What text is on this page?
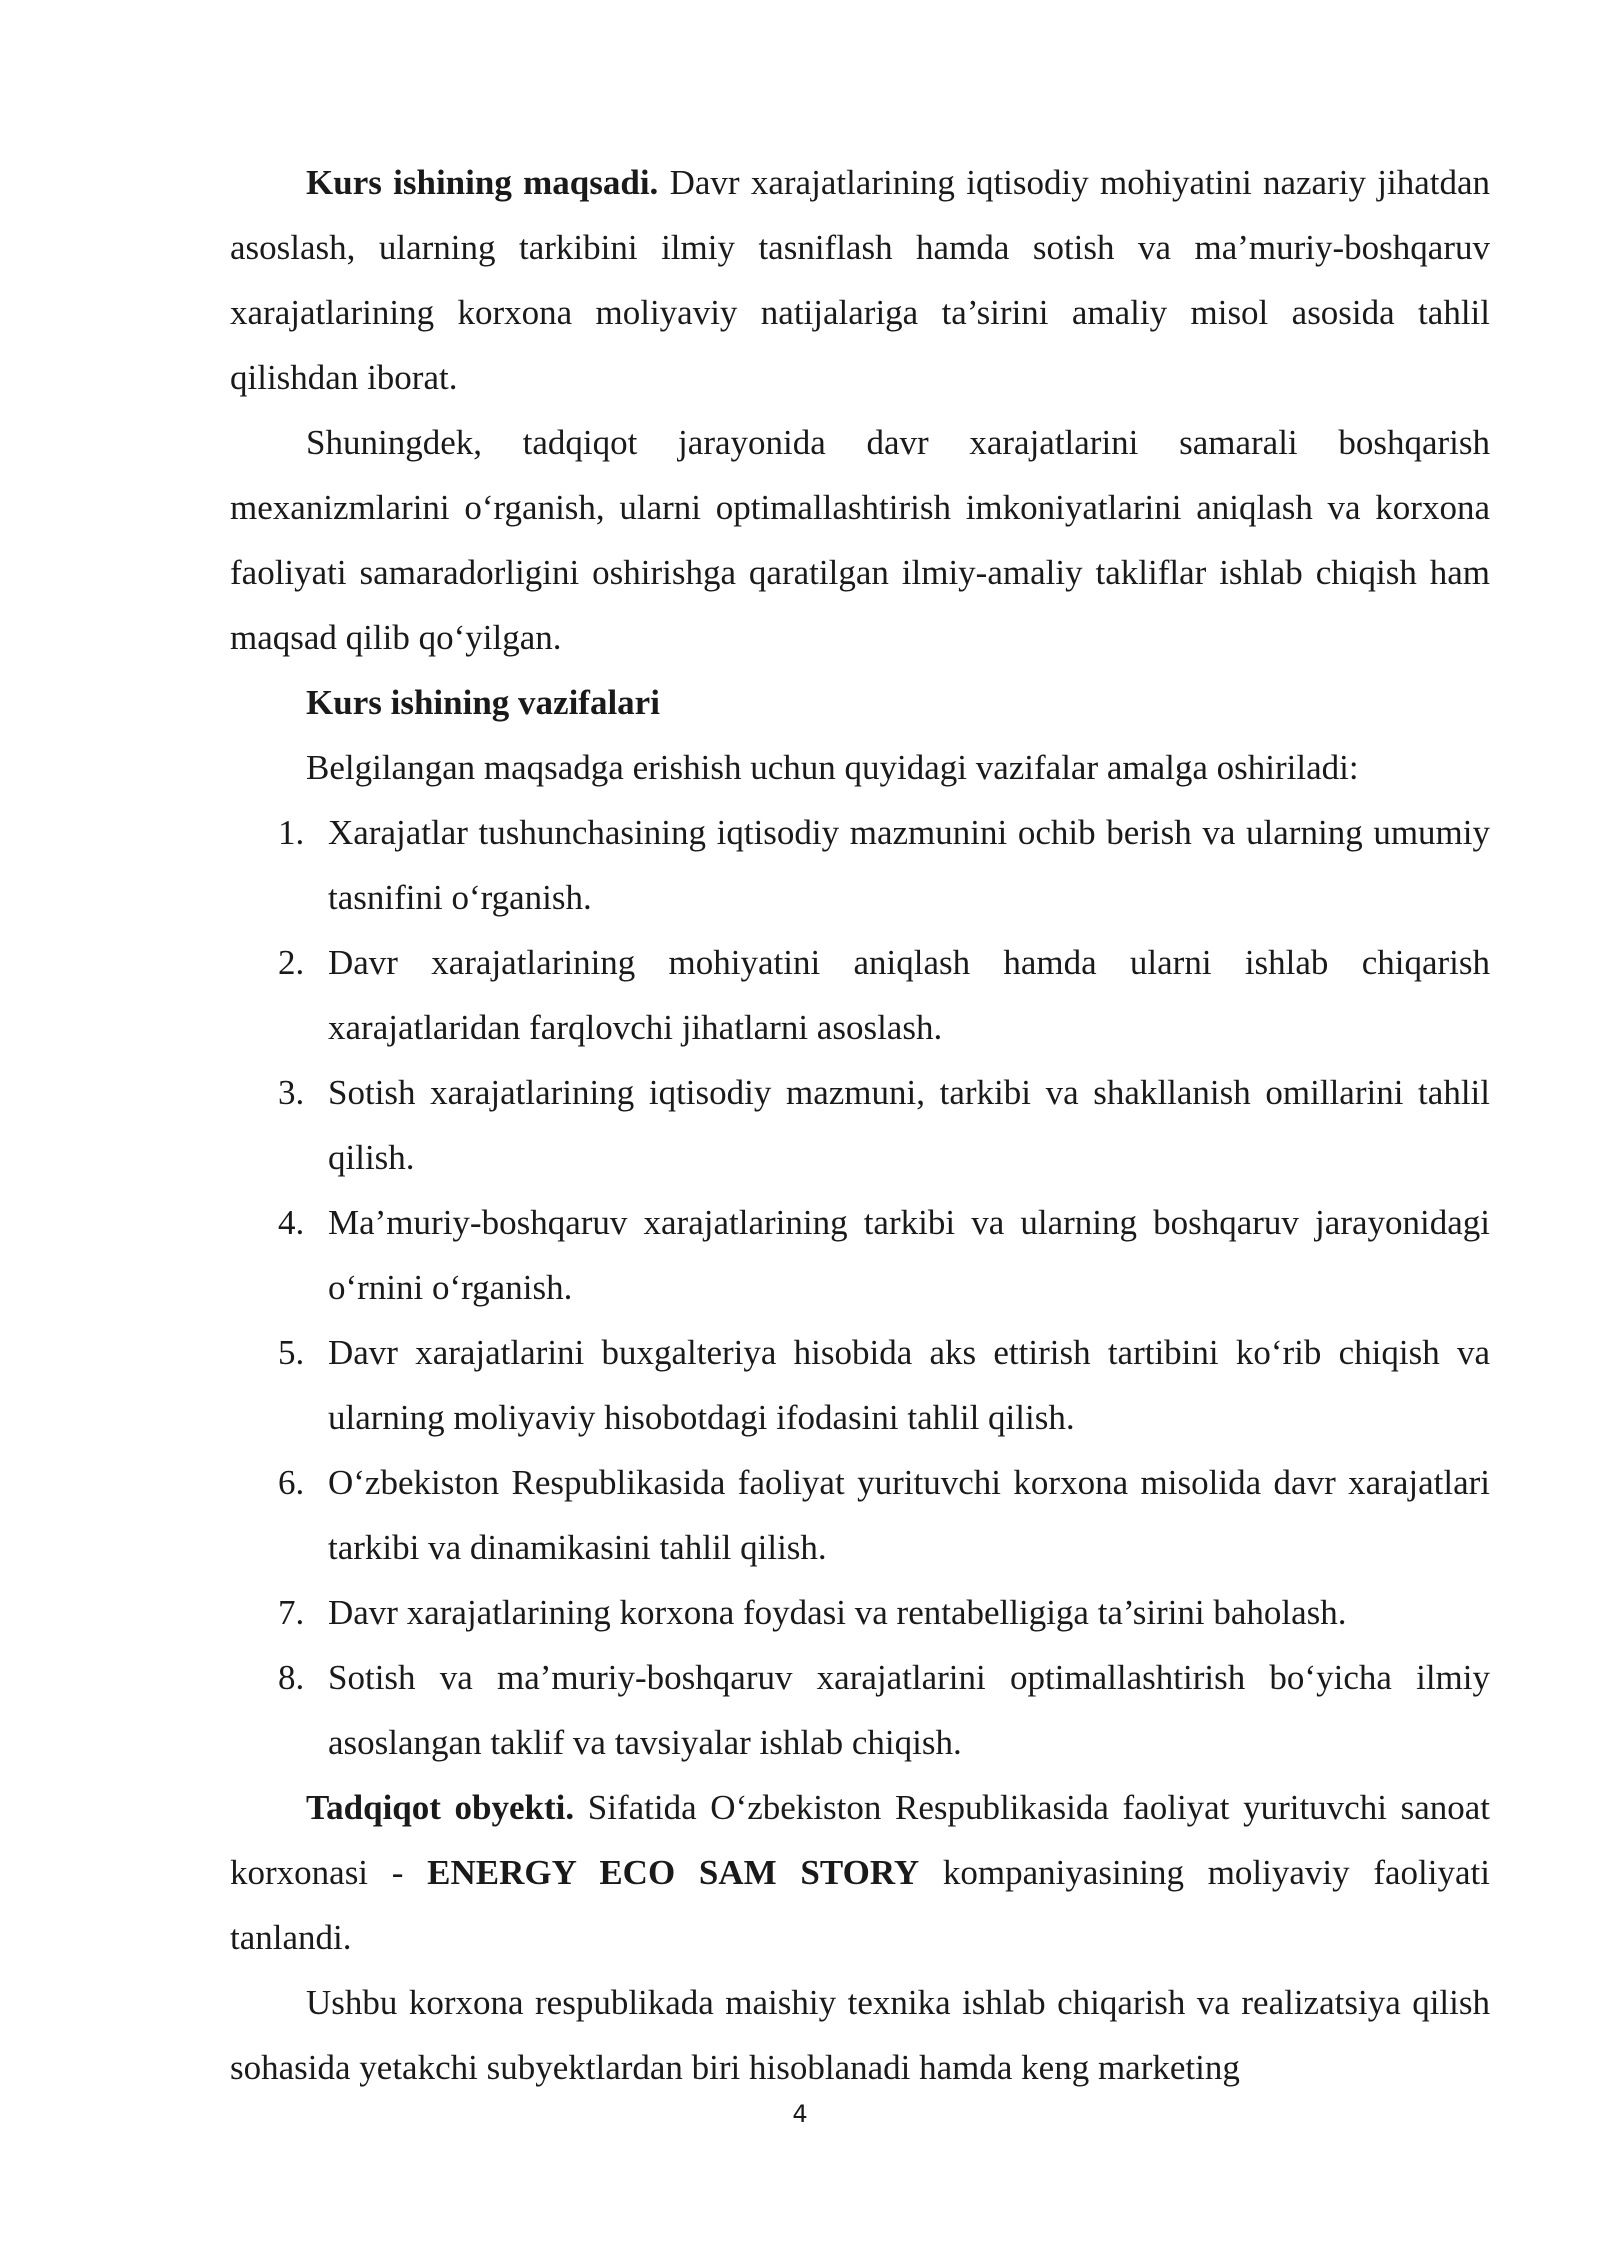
Kurs ishining maqsadi. Davr xarajatlarining iqtisodiy mohiyatini nazariy jihatdan asoslash, ularning tarkibini ilmiy tasniflash hamda sotish va ma’muriy-boshqaruv xarajatlarining korxona moliyaviy natijalariga ta’sirini amaliy misol asosida tahlil qilishdan iborat.

Shuningdek, tadqiqot jarayonida davr xarajatlarini samarali boshqarish mexanizmlarini o‘rganish, ularni optimallashtirish imkoniyatlarini aniqlash va korxona faoliyati samaradorligini oshirishga qaratilgan ilmiy-amaliy takliflar ishlab chiqish ham maqsad qilib qo‘yilgan.

Kurs ishining vazifalari

Belgilangan maqsadga erishish uchun quyidagi vazifalar amalga oshiriladi:

1. Xarajatlar tushunchasining iqtisodiy mazmunini ochib berish va ularning umumiy tasnifini o‘rganish.
2. Davr xarajatlarining mohiyatini aniqlash hamda ularni ishlab chiqarish xarajatlaridan farqlovchi jihatlarni asoslash.
3. Sotish xarajatlarining iqtisodiy mazmuni, tarkibi va shakllanish omillarini tahlil qilish.
4. Ma’muriy-boshqaruv xarajatlarining tarkibi va ularning boshqaruv jarayonidagi o‘rnini o‘rganish.
5. Davr xarajatlarini buxgalteriya hisobida aks ettirish tartibini ko‘rib chiqish va ularning moliyaviy hisobotdagi ifodasini tahlil qilish.
6. O‘zbekiston Respublikasida faoliyat yurituvchi korxona misolida davr xarajatlari tarkibi va dinamikasini tahlil qilish.
7. Davr xarajatlarining korxona foydasi va rentabelligiga ta’sirini baholash.
8. Sotish va ma’muriy-boshqaruv xarajatlarini optimallashtirish bo‘yicha ilmiy asoslangan taklif va tavsiyalar ishlab chiqish.

Tadqiqot obyekti. Sifatida O‘zbekiston Respublikasida faoliyat yurituvchi sanoat korxonasi - ENERGY ECO SAM STORY kompaniyasining moliyaviy faoliyati tanlandi.

Ushbu korxona respublikada maishiy texnika ishlab chiqarish va realizatsiya qilish sohasida yetakchi subyektlardan biri hisoblanadi hamda keng marketing

4
